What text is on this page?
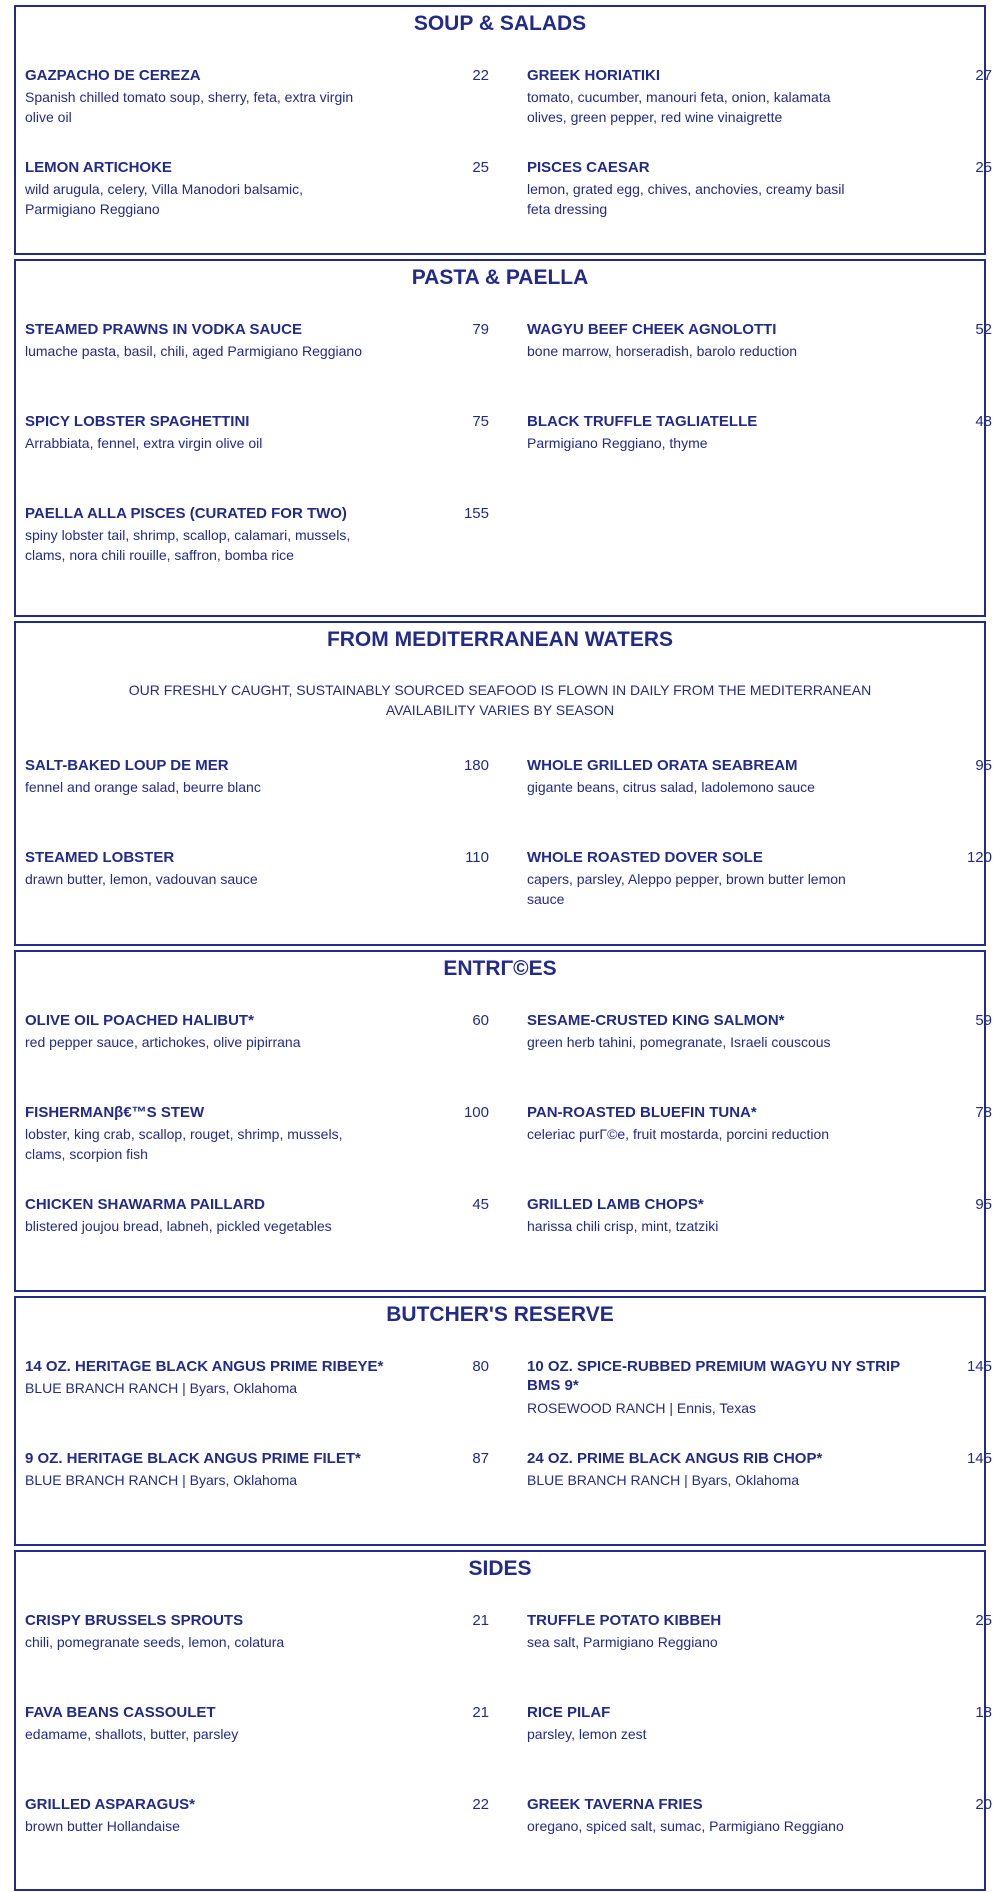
SOUP & SALADS
GAZPACHO DE CEREZA	22
Spanish chilled tomato soup, sherry, feta, extra virgin olive oil
GREEK HORIATIKI	27
tomato, cucumber, manouri feta, onion, kalamata olives, green pepper, red wine vinaigrette
LEMON ARTICHOKE	25
wild arugula, celery, Villa Manodori balsamic, Parmigiano Reggiano
PISCES CAESAR	25
lemon, grated egg, chives, anchovies, creamy basil feta dressing
PASTA & PAELLA
STEAMED PRAWNS IN VODKA SAUCE	79
lumache pasta, basil, chili, aged Parmigiano Reggiano
WAGYU BEEF CHEEK AGNOLOTTI	52
bone marrow, horseradish, barolo reduction
SPICY LOBSTER SPAGHETTINI	75
Arrabbiata, fennel, extra virgin olive oil
BLACK TRUFFLE TAGLIATELLE	48
Parmigiano Reggiano, thyme
PAELLA ALLA PISCES (CURATED FOR TWO)	155
spiny lobster tail, shrimp, scallop, calamari, mussels, clams, nora chili rouille, saffron, bomba rice
FROM MEDITERRANEAN WATERS
OUR FRESHLY CAUGHT, SUSTAINABLY SOURCED SEAFOOD IS FLOWN IN DAILY FROM THE MEDITERRANEAN
AVAILABILITY VARIES BY SEASON
SALT-BAKED LOUP DE MER	180
fennel and orange salad, beurre blanc
WHOLE GRILLED ORATA SEABREAM	95
gigante beans, citrus salad, ladolemono sauce
STEAMED LOBSTER	110
drawn butter, lemon, vadouvan sauce
WHOLE ROASTED DOVER SOLE	120
capers, parsley, Aleppo pepper, brown butter lemon sauce
ENTRΓ©ES
OLIVE OIL POACHED HALIBUT*	60
red pepper sauce, artichokes, olive pipirrana
SESAME-CRUSTED KING SALMON*	59
green herb tahini, pomegranate, Israeli couscous
FISHERMANβ€™S STEW	100
lobster, king crab, scallop, rouget, shrimp, mussels, clams, scorpion fish
PAN-ROASTED BLUEFIN TUNA*	78
celeriac purΓ©e, fruit mostarda, porcini reduction
CHICKEN SHAWARMA PAILLARD	45
blistered joujou bread, labneh, pickled vegetables
GRILLED LAMB CHOPS*	95
harissa chili crisp, mint, tzatziki
BUTCHER'S RESERVE
14 OZ. HERITAGE BLACK ANGUS PRIME RIBEYE*	80
BLUE BRANCH RANCH | Byars, Oklahoma
10 OZ. SPICE-RUBBED PREMIUM WAGYU NY STRIP BMS 9*
145
ROSEWOOD RANCH | Ennis, Texas
9 OZ. HERITAGE BLACK ANGUS PRIME FILET*	87
BLUE BRANCH RANCH | Byars, Oklahoma
24 OZ. PRIME BLACK ANGUS RIB CHOP*	145
BLUE BRANCH RANCH | Byars, Oklahoma
SIDES
CRISPY BRUSSELS SPROUTS	21
chili, pomegranate seeds, lemon, colatura
TRUFFLE POTATO KIBBEH	25
sea salt, Parmigiano Reggiano
FAVA BEANS CASSOULET	21
edamame, shallots, butter, parsley
RICE PILAF	18
parsley, lemon zest
GRILLED ASPARAGUS*	22
brown butter Hollandaise
GREEK TAVERNA FRIES	20
oregano, spiced salt, sumac, Parmigiano Reggiano
